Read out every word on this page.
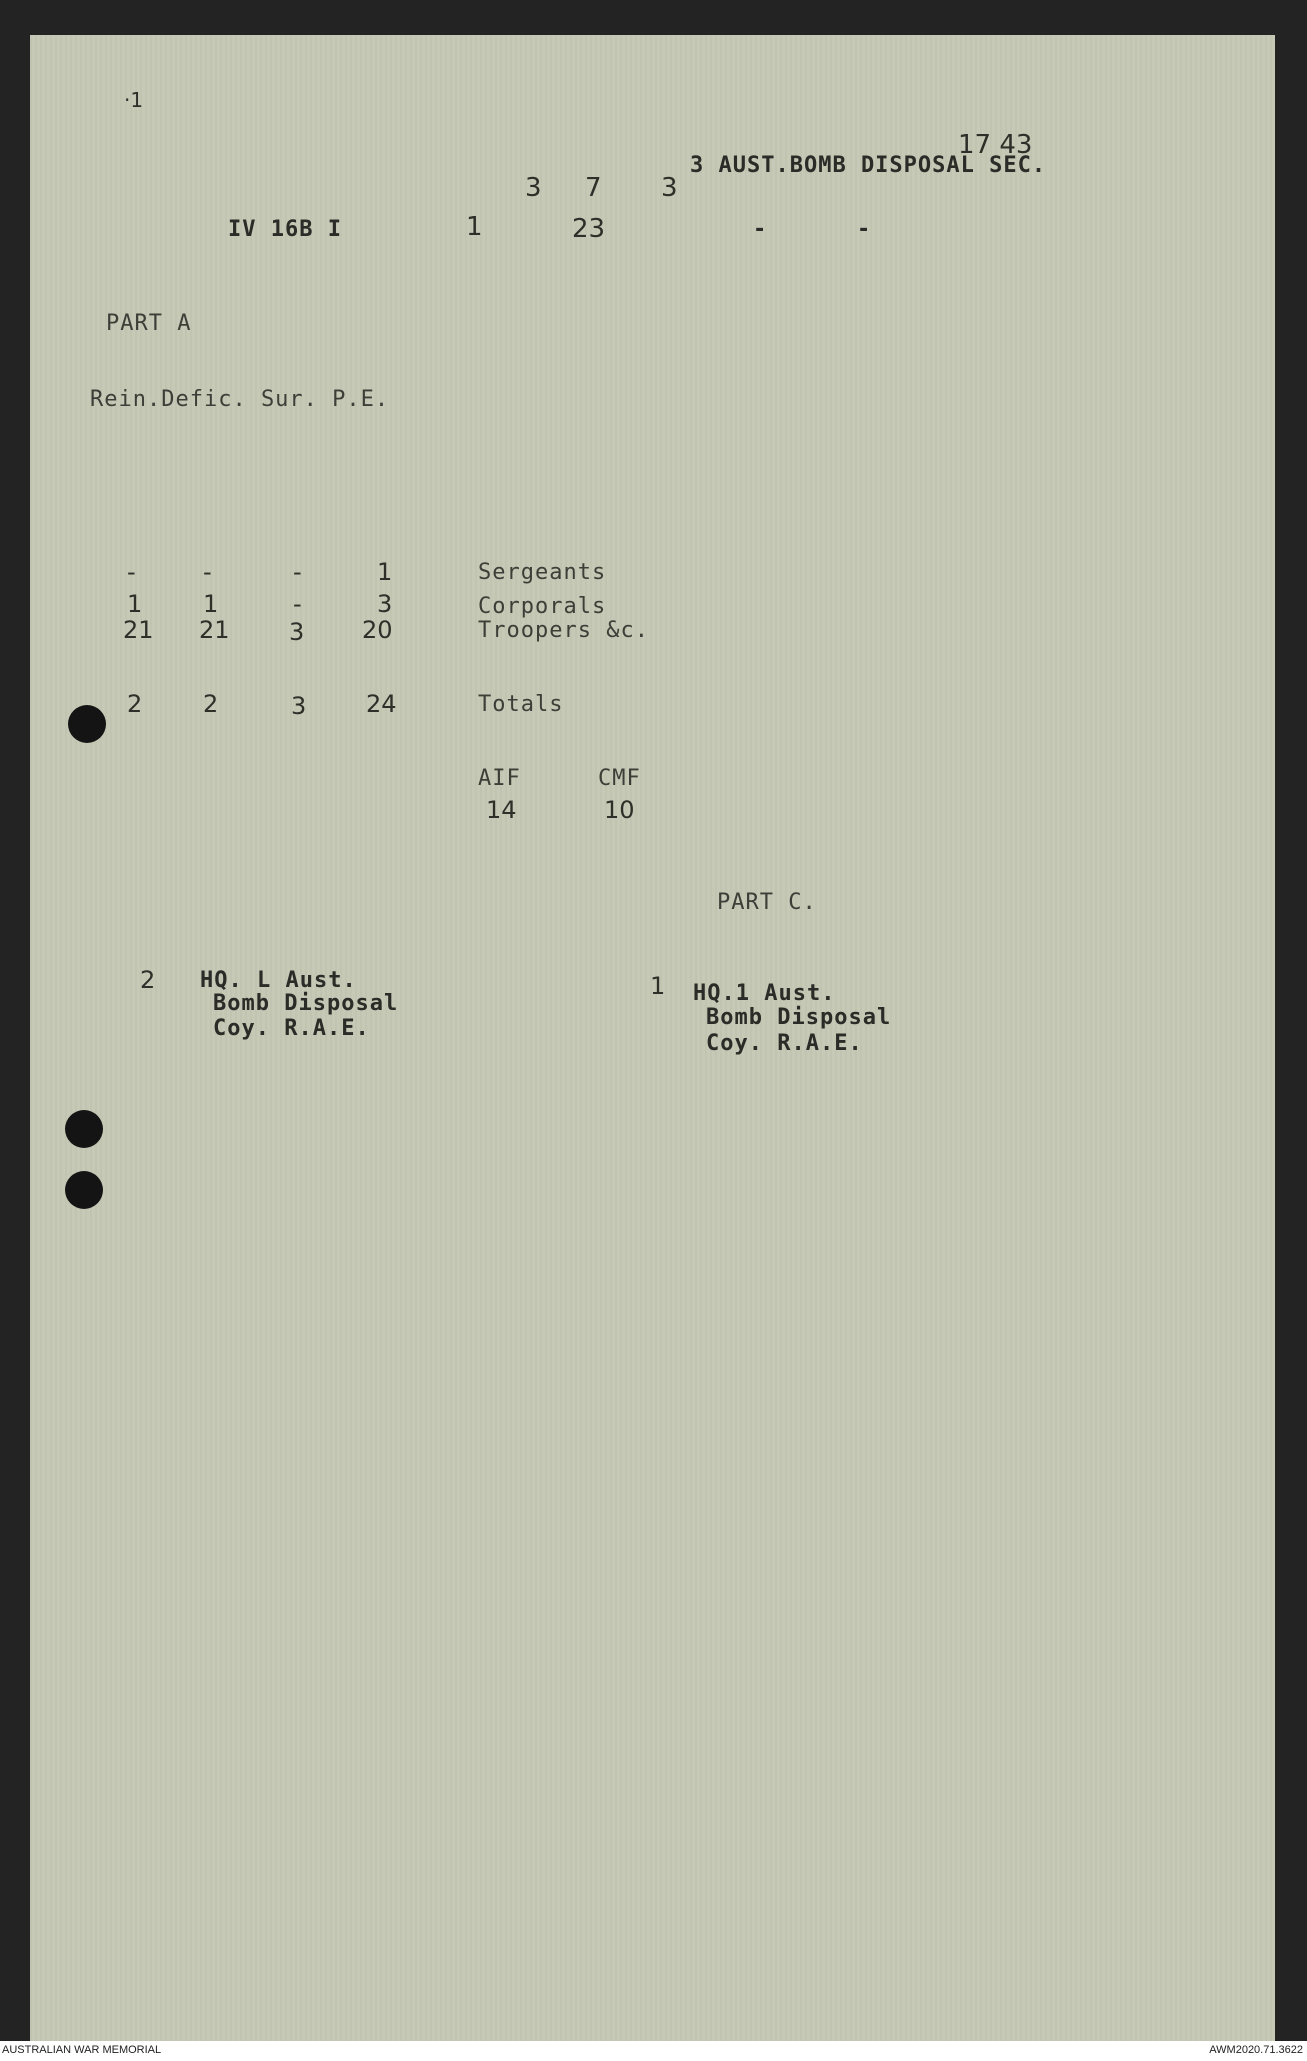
·1
17 43
3 AUST.BOMB DISPOSAL SEC.
3 7 3
IV 16B I	1	23	-	-
PART A
Rein.Defic. Sur. P.E.
-	-	-	1	Sergeants
1	1	-	3	Corporals
21 21 3 20	Troopers &c.
2	2	3 24	Totals
AIF	CMF
14	10
PART C.
2 HQ. L Aust.
Bomb Disposal
Coy. R.A.E.
1 HQ.1 Aust.
Bomb Disposal
Coy. R.A.E.
AUSTRALIAN WAR MEMORIAL	AWM2020.71.3622
